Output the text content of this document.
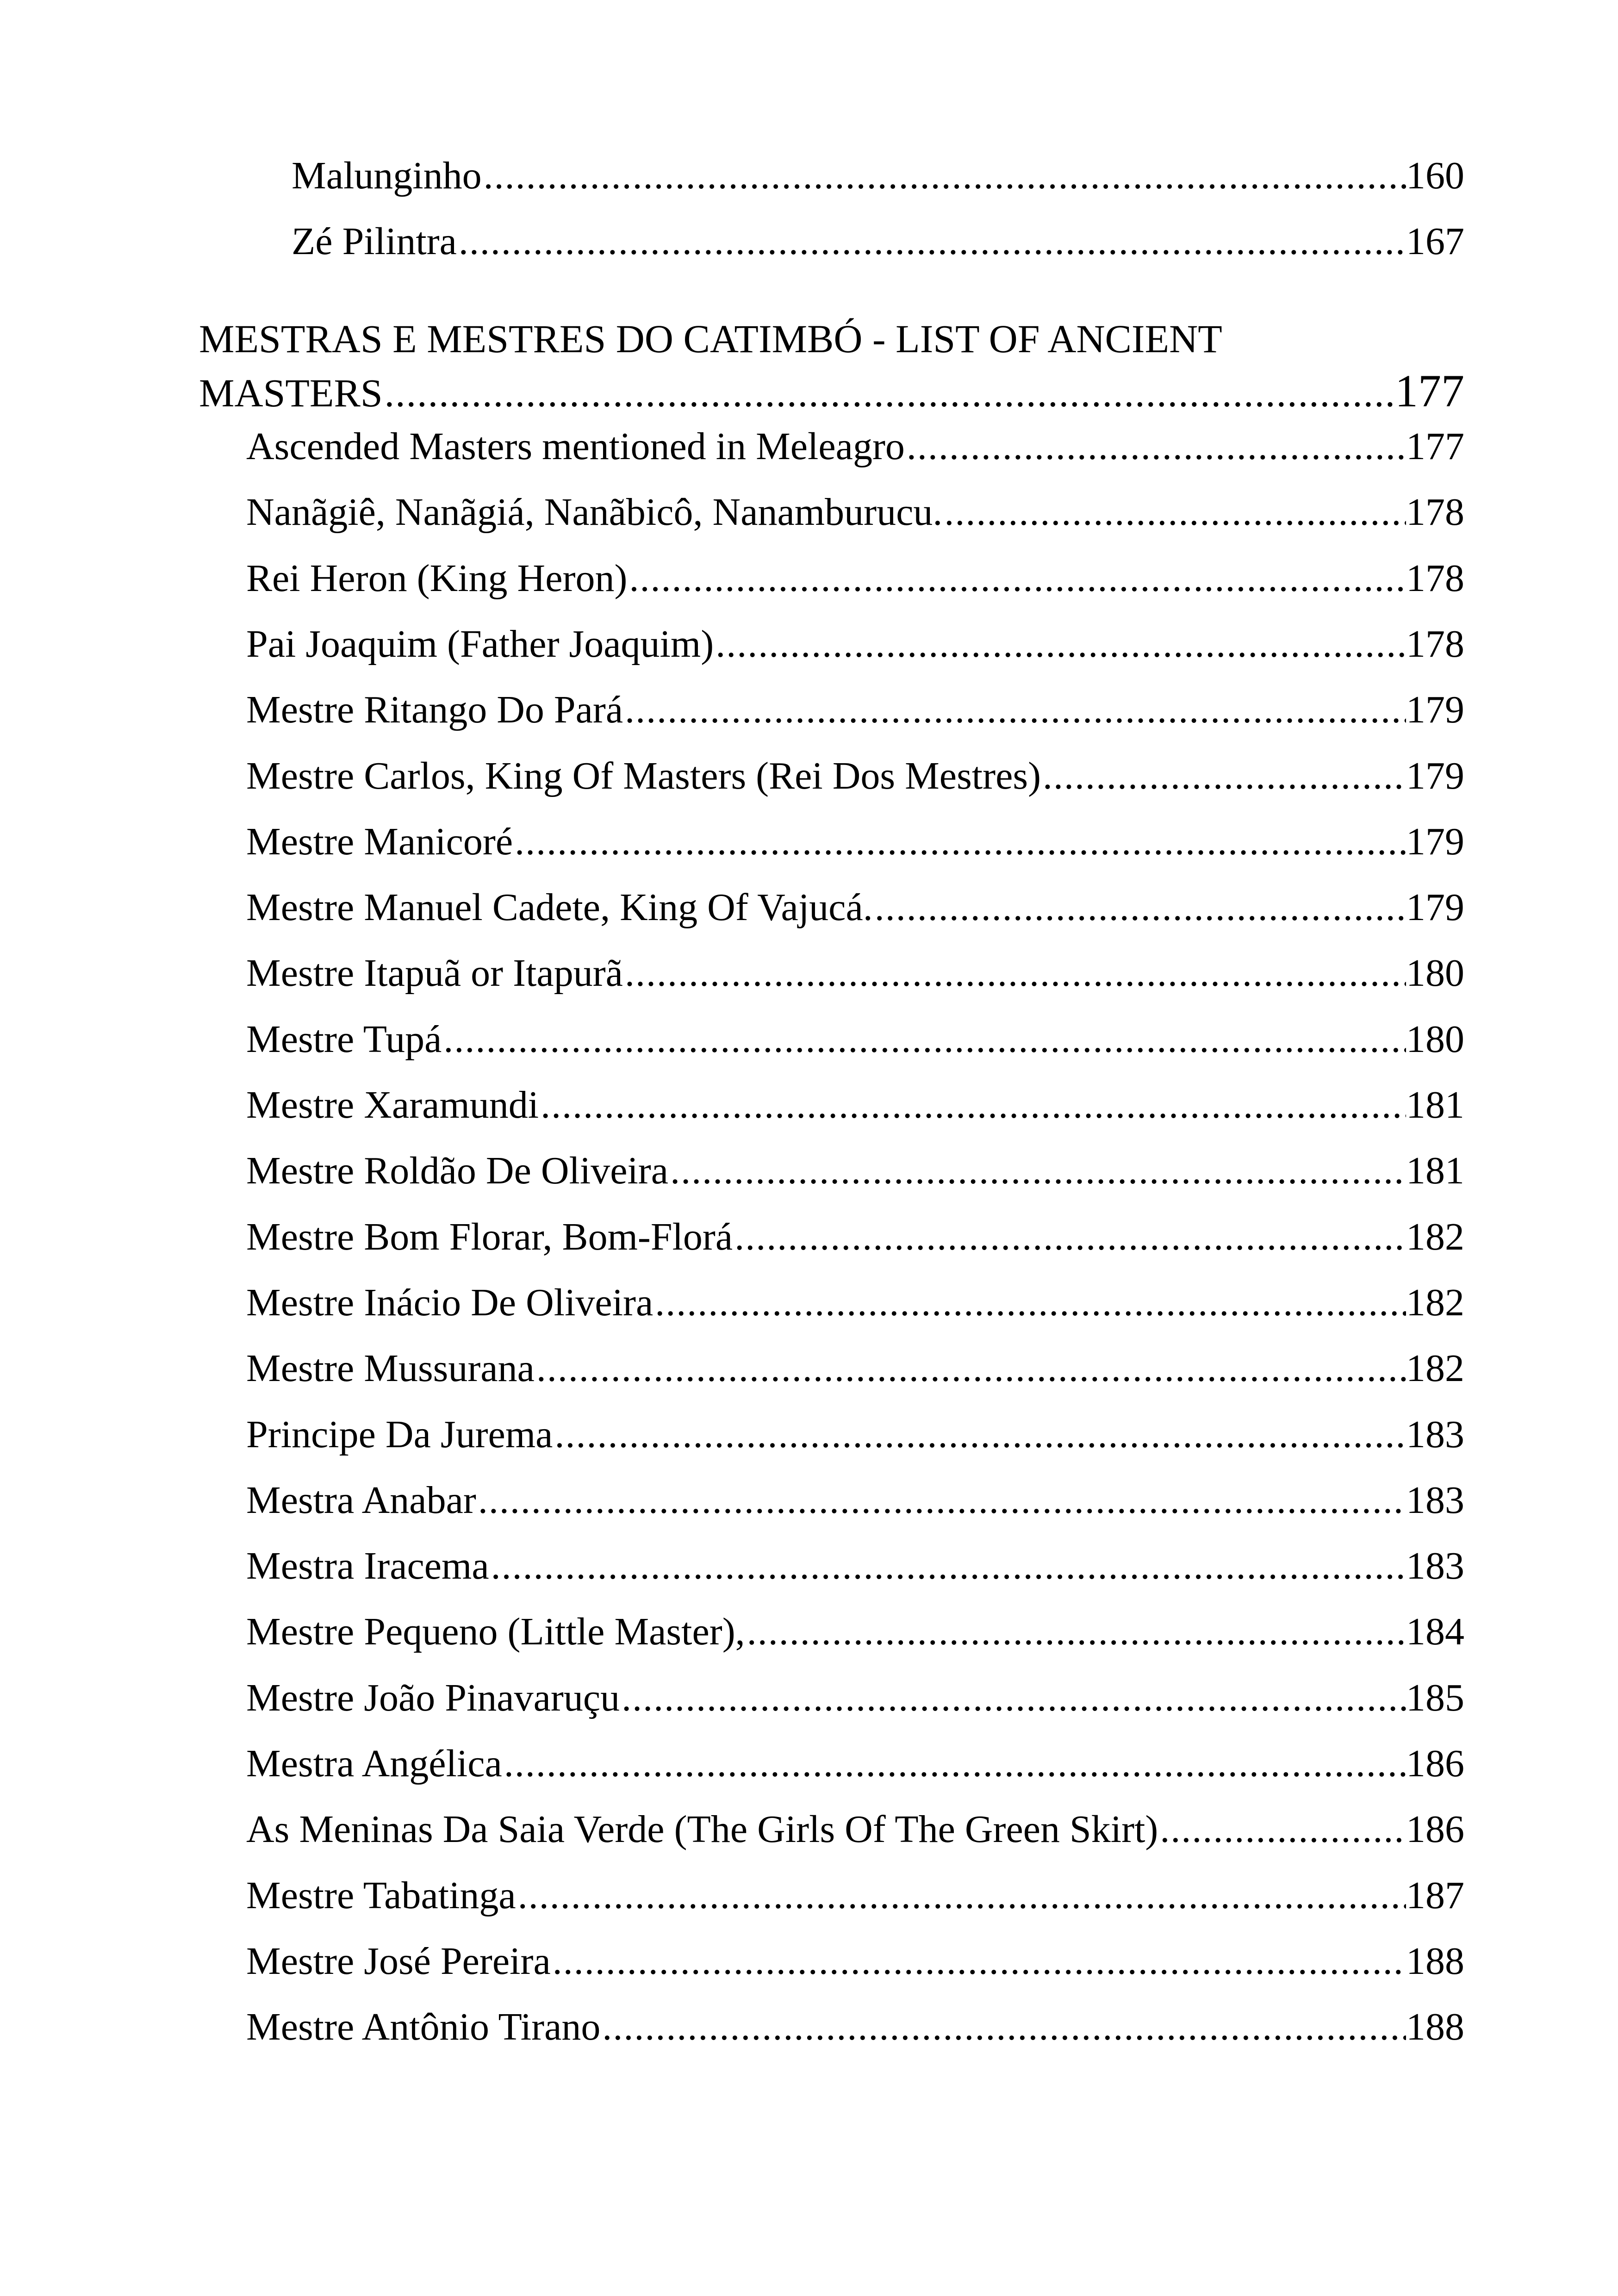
Malunginho .....	160
Zé Pilintra .....	167
MESTRAS E MESTRES DO CATIMBÓ - LIST OF ANCIENT
MASTERS .....	177
Ascended Masters mentioned in Meleagro .....	177
Nanãgiê, Nanãgiá, Nanãbicô, Nanamburucu. .....	178
Rei Heron (King Heron) .....	178
Pai Joaquim (Father Joaquim) .....	178
Mestre Ritango Do Pará .....	179
Mestre Carlos, King Of Masters (Rei Dos Mestres) .....	179
Mestre Manicoré .....	179
Mestre Manuel Cadete, King Of Vajucá. .....	179
Mestre Itapuã or Itapurã .....	180
Mestre Tupá .....	180
Mestre Xaramundi .....	181
Mestre Roldão De Oliveira .....	181
Mestre Bom Florar, Bom-Florá .....	182
Mestre Inácio De Oliveira .....	182
Mestre Mussurana .....	182
Principe Da Jurema .....	183
Mestra Anabar .....	183
Mestra Iracema .....	183
Mestre Pequeno (Little Master), .....	184
Mestre João Pinavaruçu .....	185
Mestra Angélica .....	186
As Meninas Da Saia Verde (The Girls Of The Green Skirt) .....	186
Mestre Tabatinga .....	187
Mestre José Pereira .....	188
Mestre Antônio Tirano .....	188
